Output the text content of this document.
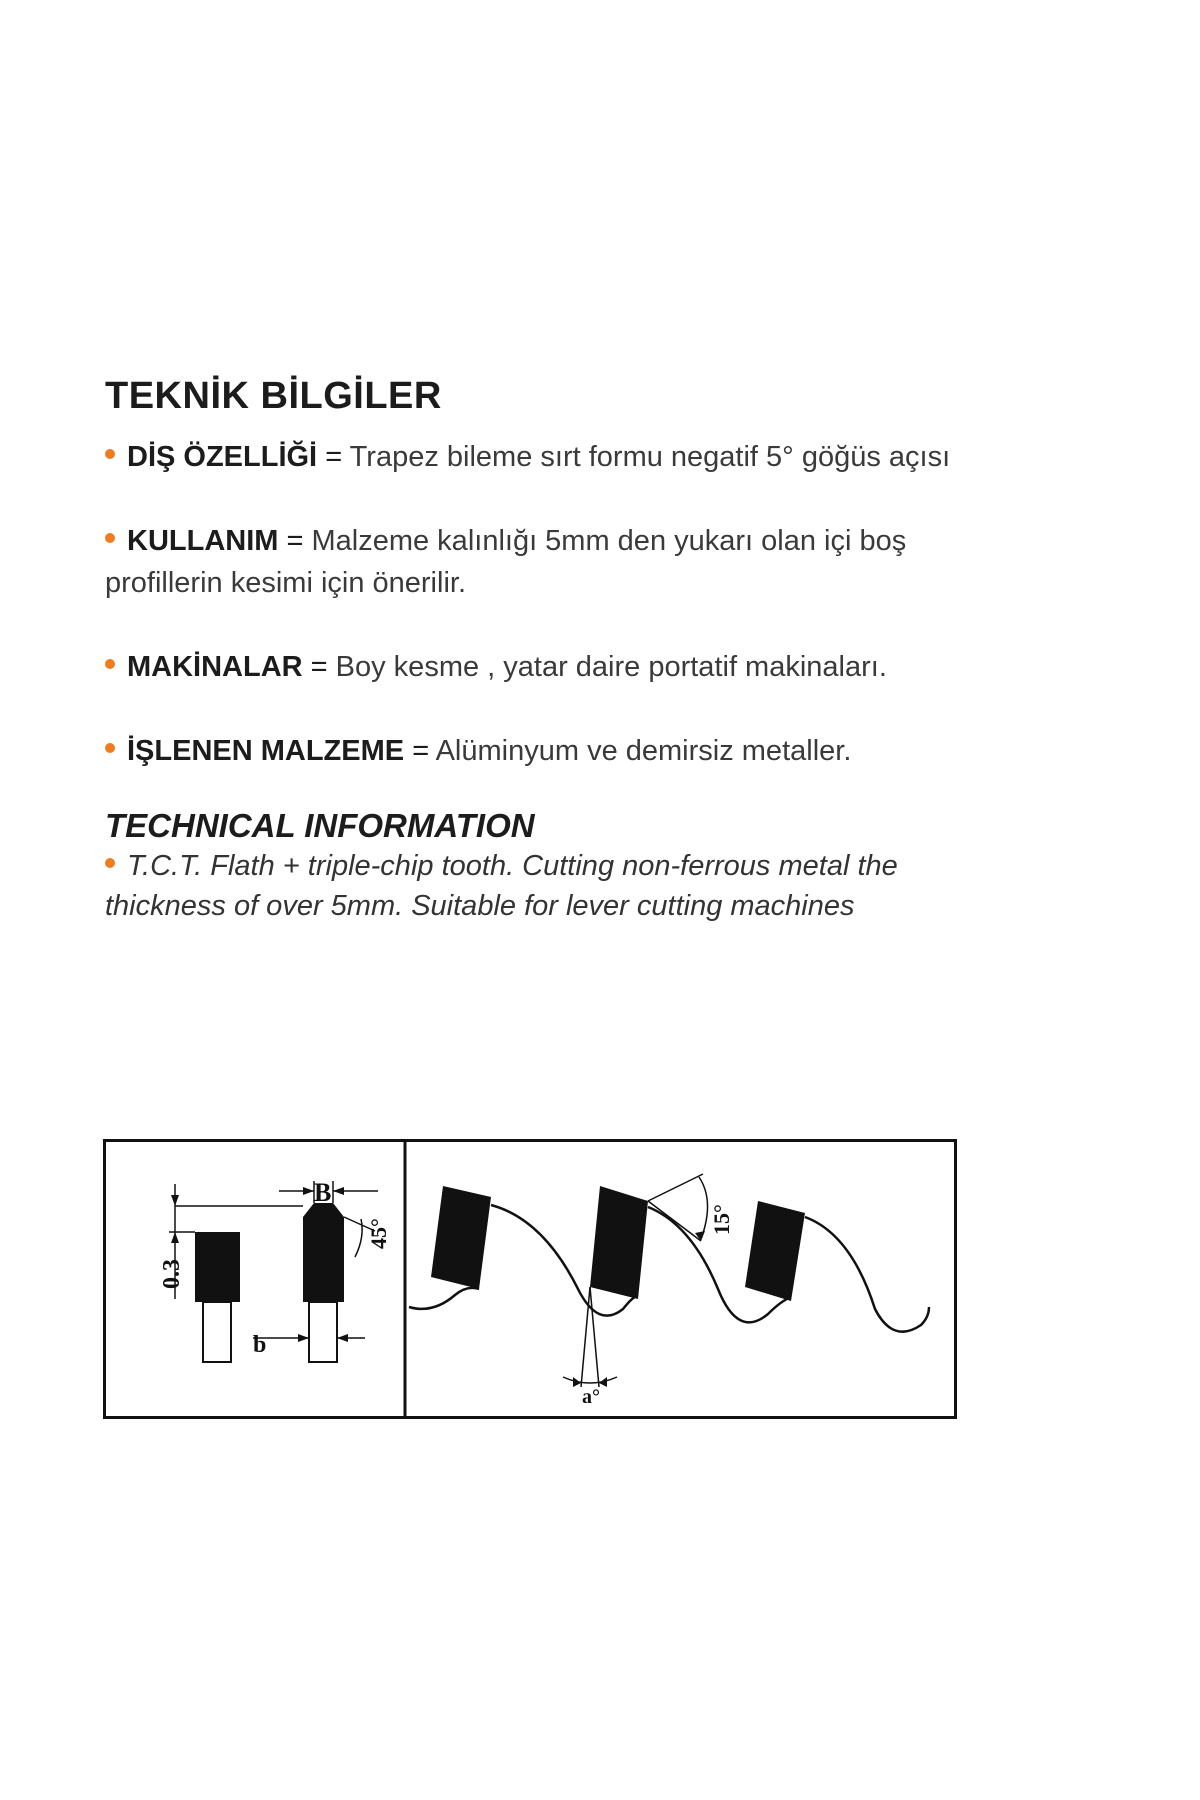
TEKNİK BİLGİLER

DİŞ ÖZELLİĞİ = Trapez bileme sırt formu negatif 5° göğüs açısı

KULLANIM = Malzeme kalınlığı 5mm den yukarı olan içi boş profillerin kesimi için önerilir.

MAKİNALAR = Boy kesme , yatar daire portatif makinaları.

İŞLENEN MALZEME = Alüminyum ve demirsiz metaller.

TECHNICAL INFORMATION

T.C.T. Flath + triple-chip tooth. Cutting non-ferrous metal the thickness of over 5mm. Suitable for lever cutting machines

0.3
B
45°
b
15°
a°
